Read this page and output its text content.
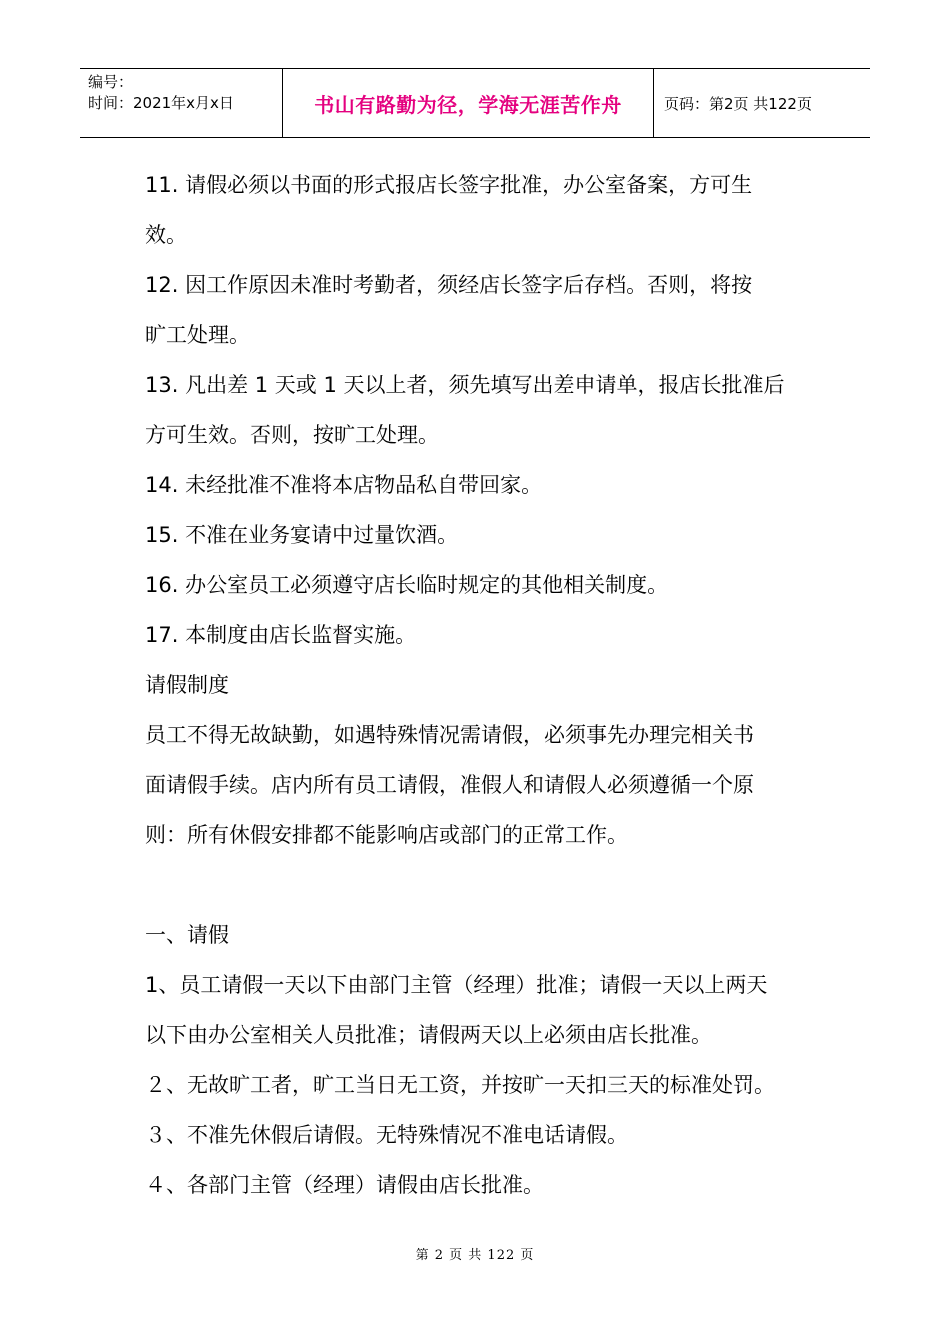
编号：
时间：2021年x月x日	书山有路勤为径，学海无涯苦作舟	页码：第2页 共122页

11. 请假必须以书面的形式报店长签字批准，办公室备案，方可生

效。

12. 因工作原因未准时考勤者，须经店长签字后存档。否则，将按

旷工处理。

13. 凡出差 1 天或 1 天以上者，须先填写出差申请单，报店长批准后

方可生效。否则，按旷工处理。

14. 未经批准不准将本店物品私自带回家。

15. 不准在业务宴请中过量饮酒。

16. 办公室员工必须遵守店长临时规定的其他相关制度。

17. 本制度由店长监督实施。

请假制度

员工不得无故缺勤，如遇特殊情况需请假，必须事先办理完相关书

面请假手续。店内所有员工请假，准假人和请假人必须遵循一个原

则：所有休假安排都不能影响店或部门的正常工作。

一、请假

1、员工请假一天以下由部门主管（经理）批准；请假一天以上两天

以下由办公室相关人员批准；请假两天以上必须由店长批准。

２、无故旷工者，旷工当日无工资，并按旷一天扣三天的标准处罚。

３、不准先休假后请假。无特殊情况不准电话请假。

４、各部门主管（经理）请假由店长批准。

第 2 页 共 122 页
